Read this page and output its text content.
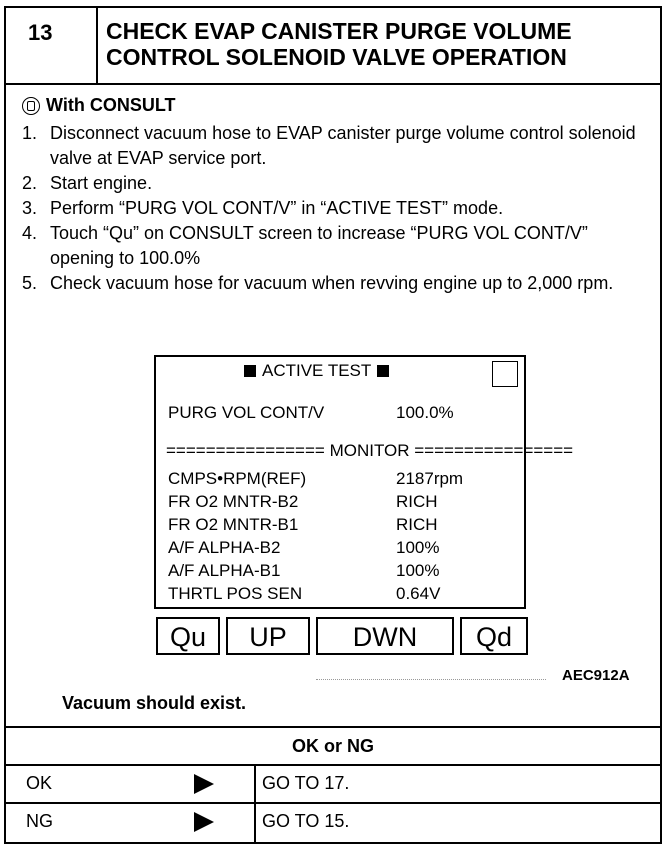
13	CHECK EVAP CANISTER PURGE VOLUME
CONTROL SOLENOID VALVE OPERATION
With CONSULT
1. Disconnect vacuum hose to EVAP canister purge volume control solenoid valve at EVAP service port.
2. Start engine.
3. Perform “PURG VOL CONT/V” in “ACTIVE TEST” mode.
4. Touch “Qu” on CONSULT screen to increase “PURG VOL CONT/V” opening to 100.0%
5. Check vacuum hose for vacuum when revving engine up to 2,000 rpm.
ACTIVE TEST
PURG VOL CONT/V	100.0%
================ MONITOR ================
CMPS•RPM(REF)	2187rpm
FR O2 MNTR-B2	RICH
FR O2 MNTR-B1	RICH
A/F ALPHA-B2	100%
A/F ALPHA-B1	100%
THRTL POS SEN	0.64V
Qu	UP	DWN	Qd
AEC912A
Vacuum should exist.
OK or NG
OK	GO TO 17.
NG	GO TO 15.
